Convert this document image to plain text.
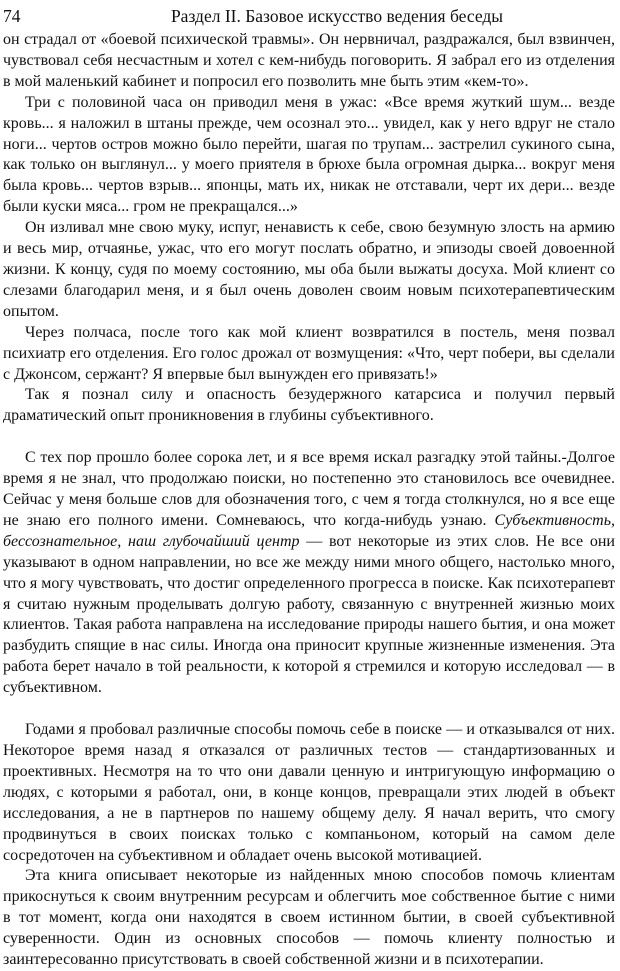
74	Раздел II. Базовое искусство ведения беседы

он страдал от «боевой психической травмы». Он нервничал, раздражался, был взвинчен, чувствовал себя несчастным и хотел с кем-нибудь поговорить. Я забрал его из отделения в мой маленький кабинет и попросил его позволить мне быть этим «кем-то».

Три с половиной часа он приводил меня в ужас: «Все время жуткий шум... везде кровь... я наложил в штаны прежде, чем осознал это... увидел, как у него вдруг не стало ноги... чертов остров можно было перейти, шагая по трупам... застрелил сукиного сына, как только он выглянул... у моего приятеля в брюхе была огромная дырка... вокруг меня была кровь... чертов взрыв... японцы, мать их, никак не отставали, черт их дери... везде были куски мяса... гром не прекращался...»

Он изливал мне свою муку, испуг, ненависть к себе, свою безумную злость на армию и весь мир, отчаянье, ужас, что его могут послать обратно, и эпизоды своей довоенной жизни. К концу, судя по моему состоянию, мы оба были выжаты досуха. Мой клиент со слезами благодарил меня, и я был очень доволен своим новым психотерапевтическим опытом.

Через полчаса, после того как мой клиент возвратился в постель, меня позвал психиатр его отделения. Его голос дрожал от возмущения: «Что, черт побери, вы сделали с Джонсом, сержант? Я впервые был вынужден его привязать!»

Так я познал силу и опасность безудержного катарсиса и получил первый драматический опыт проникновения в глубины субъективного.

С тех пор прошло более сорока лет, и я все время искал разгадку этой тайны.-Долгое время я не знал, что продолжаю поиски, но постепенно это становилось все очевиднее. Сейчас у меня больше слов для обозначения того, с чем я тогда столкнулся, но я все еще не знаю его полного имени. Сомневаюсь, что когда-нибудь узнаю. Субъективность, бессознательное, наш глубочайший центр — вот некоторые из этих слов. Не все они указывают в одном направлении, но все же между ними много общего, настолько много, что я могу чувствовать, что достиг определенного прогресса в поиске. Как психотерапевт я считаю нужным проделывать долгую работу, связанную с внутренней жизнью моих клиентов. Такая работа направлена на исследование природы нашего бытия, и она может разбудить спящие в нас силы. Иногда она приносит крупные жизненные изменения. Эта работа берет начало в той реальности, к которой я стремился и которую исследовал — в субъективном.

Годами я пробовал различные способы помочь себе в поиске — и отказывался от них. Некоторое время назад я отказался от различных тестов — стандартизованных и проективных. Несмотря на то что они давали ценную и интригующую информацию о людях, с которыми я работал, они, в конце концов, превращали этих людей в объект исследования, а не в партнеров по нашему общему делу. Я начал верить, что смогу продвинуться в своих поисках только с компаньоном, который на самом деле сосредоточен на субъективном и обладает очень высокой мотивацией.

Эта книга описывает некоторые из найденных мною способов помочь клиентам прикоснуться к своим внутренним ресурсам и облегчить мое собственное бытие с ними в тот момент, когда они находятся в своем истинном бытии, в своей субъективной суверенности. Один из основных способов — помочь клиенту полностью и заинтересованно присутствовать в своей собственной жизни и в психотерапии.
